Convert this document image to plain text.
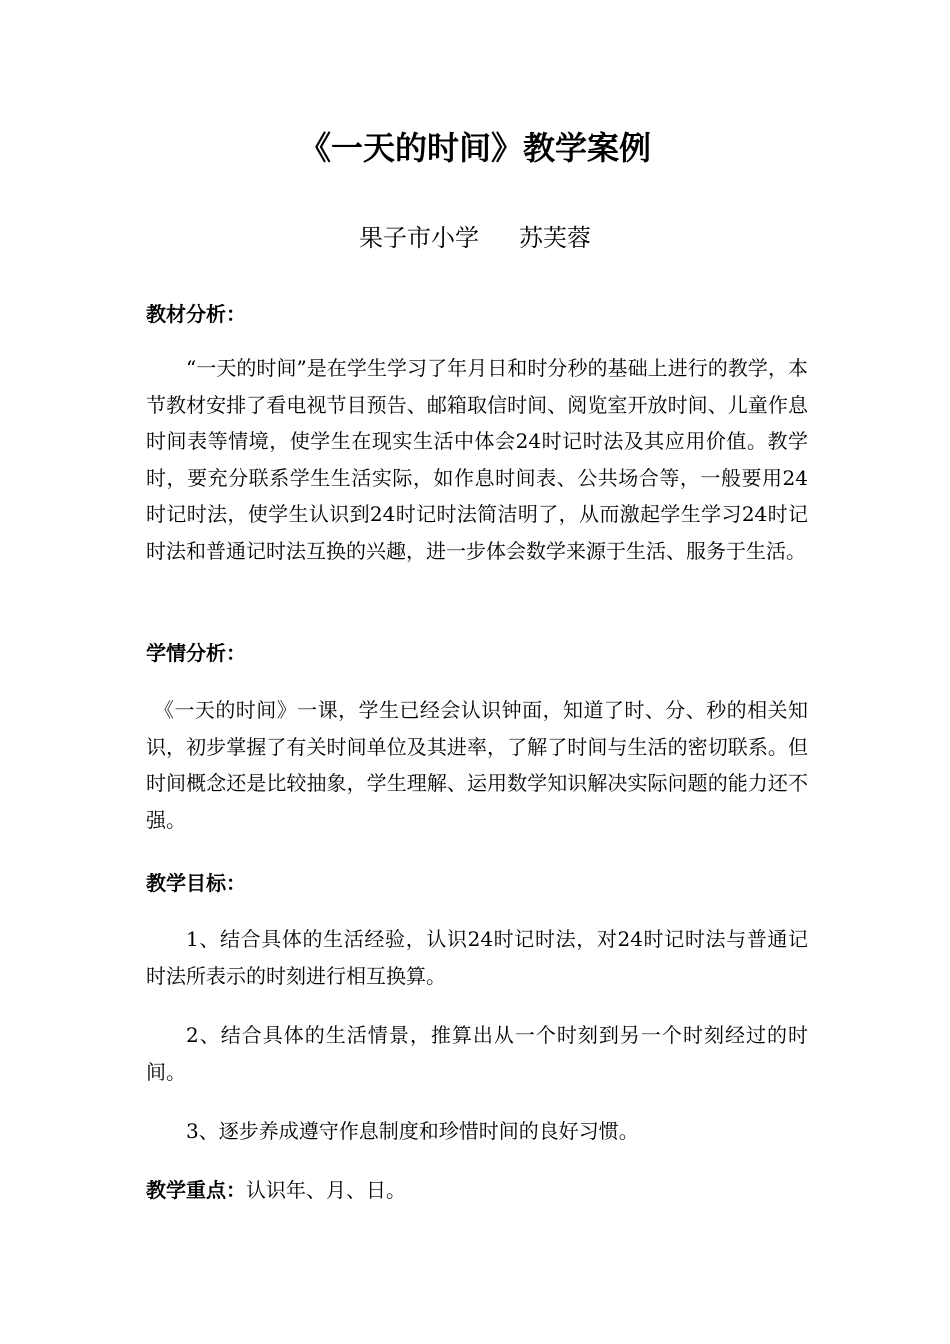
《一天的时间》教学案例
果子市小学 苏芙蓉
教材分析：

“一天的时间”是在学生学习了年月日和时分秒的基础上进行的教学，本节教材安排了看电视节目预告、邮箱取信时间、阅览室开放时间、儿童作息时间表等情境，使学生在现实生活中体会24时记时法及其应用价值。教学时，要充分联系学生生活实际，如作息时间表、公共场合等，一般要用24时记时法，使学生认识到24时记时法简洁明了，从而激起学生学习24时记时法和普通记时法互换的兴趣，进一步体会数学来源于生活、服务于生活。

学情分析：

《一天的时间》一课，学生已经会认识钟面，知道了时、分、秒的相关知识，初步掌握了有关时间单位及其进率，了解了时间与生活的密切联系。但时间概念还是比较抽象，学生理解、运用数学知识解决实际问题的能力还不强。

教学目标：

1、结合具体的生活经验，认识24时记时法，对24时记时法与普通记时法所表示的时刻进行相互换算。

2、结合具体的生活情景，推算出从一个时刻到另一个时刻经过的时间。

3、逐步养成遵守作息制度和珍惜时间的良好习惯。

教学重点：认识年、月、日。
